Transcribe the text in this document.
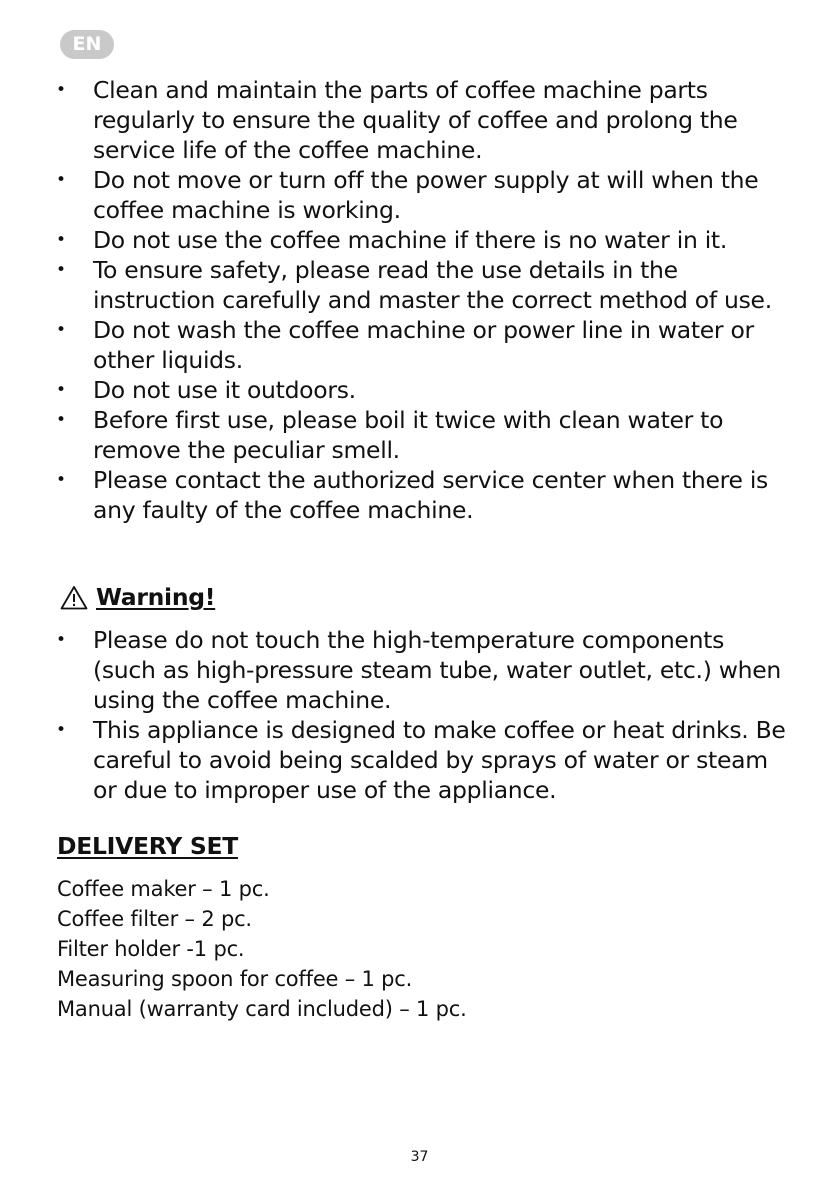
EN
• Clean and maintain the parts of coffee machine parts regularly to ensure the quality of coffee and prolong the service life of the coffee machine.
• Do not move or turn off the power supply at will when the coffee machine is working.
• Do not use the coffee machine if there is no water in it.
• To ensure safety, please read the use details in the instruction carefully and master the correct method of use.
• Do not wash the coffee machine or power line in water or other liquids.
• Do not use it outdoors.
• Before first use, please boil it twice with clean water to remove the peculiar smell.
• Please contact the authorized service center when there is any faulty of the coffee machine.
Warning!
• Please do not touch the high-temperature components (such as high-pressure steam tube, water outlet, etc.) when using the coffee machine.
• This appliance is designed to make coffee or heat drinks. Be careful to avoid being scalded by sprays of water or steam or due to improper use of the appliance.
DELIVERY SET
Coffee maker – 1 pc.
Coffee filter – 2 pc.
Filter holder -1 pc.
Measuring spoon for coffee – 1 pc.
Manual (warranty card included) – 1 pc.
37
